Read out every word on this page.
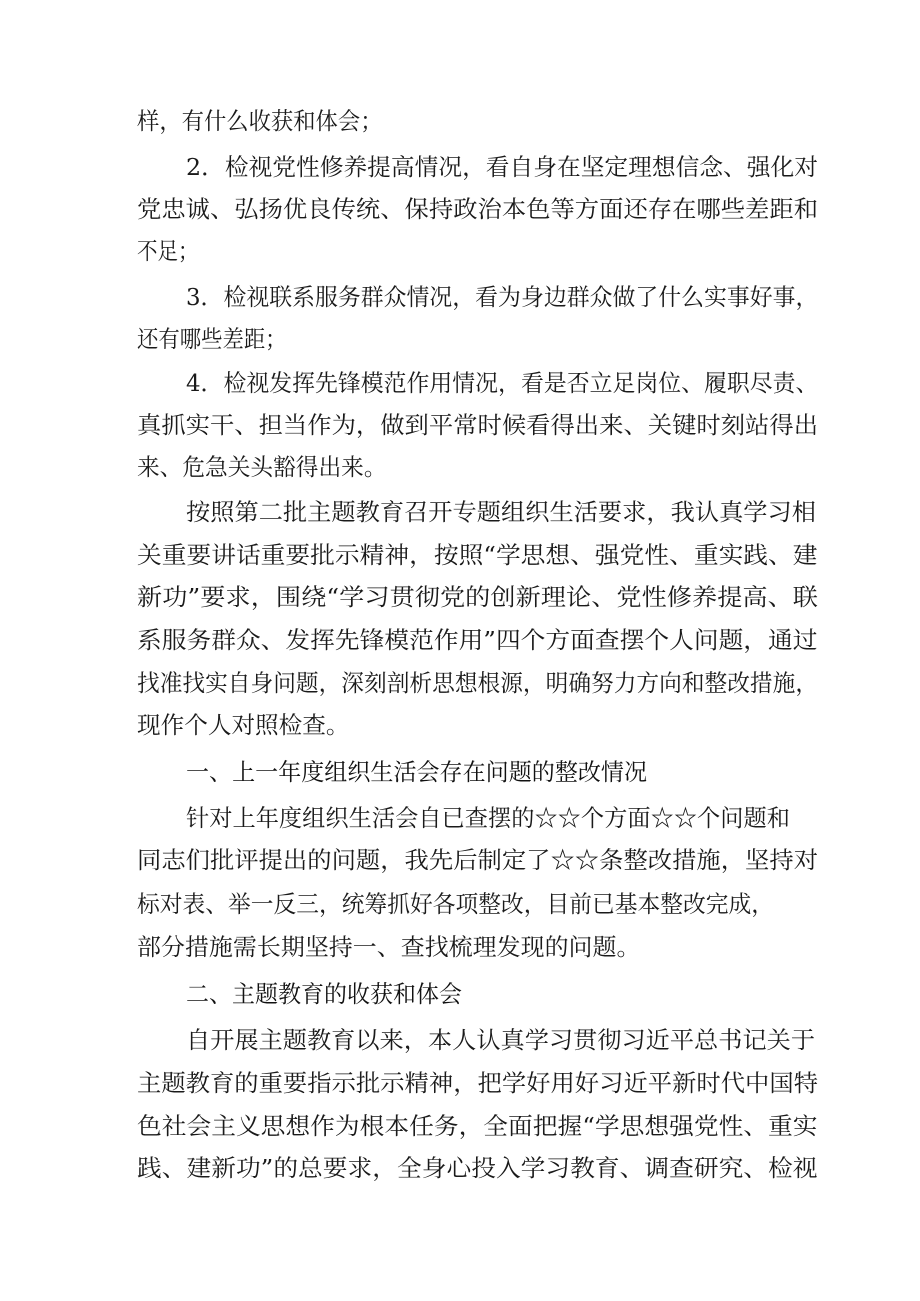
样，有什么收获和体会；

2．检视党性修养提高情况，看自身在坚定理想信念、强化对

党忠诚、弘扬优良传统、保持政治本色等方面还存在哪些差距和

不足；

3．检视联系服务群众情况，看为身边群众做了什么实事好事，

还有哪些差距；

4．检视发挥先锋模范作用情况，看是否立足岗位、履职尽责、

真抓实干、担当作为，做到平常时候看得出来、关键时刻站得出

来、危急关头豁得出来。

按照第二批主题教育召开专题组织生活要求，我认真学习相

关重要讲话重要批示精神，按照“学思想、强党性、重实践、建

新功”要求，围绕“学习贯彻党的创新理论、党性修养提高、联

系服务群众、发挥先锋模范作用”四个方面查摆个人问题，通过

找准找实自身问题，深刻剖析思想根源，明确努力方向和整改措施，

现作个人对照检查。

一、上一年度组织生活会存在问题的整改情况

针对上年度组织生活会自已查摆的☆☆个方面☆☆个问题和

同志们批评提出的问题，我先后制定了☆☆条整改措施，坚持对

标对表、举一反三，统筹抓好各项整改，目前已基本整改完成，

部分措施需长期坚持一、查找梳理发现的问题。

二、主题教育的收获和体会

自开展主题教育以来，本人认真学习贯彻习近平总书记关于

主题教育的重要指示批示精神，把学好用好习近平新时代中国特

色社会主义思想作为根本任务，全面把握“学思想强党性、重实

践、建新功”的总要求，全身心投入学习教育、调查研究、检视
